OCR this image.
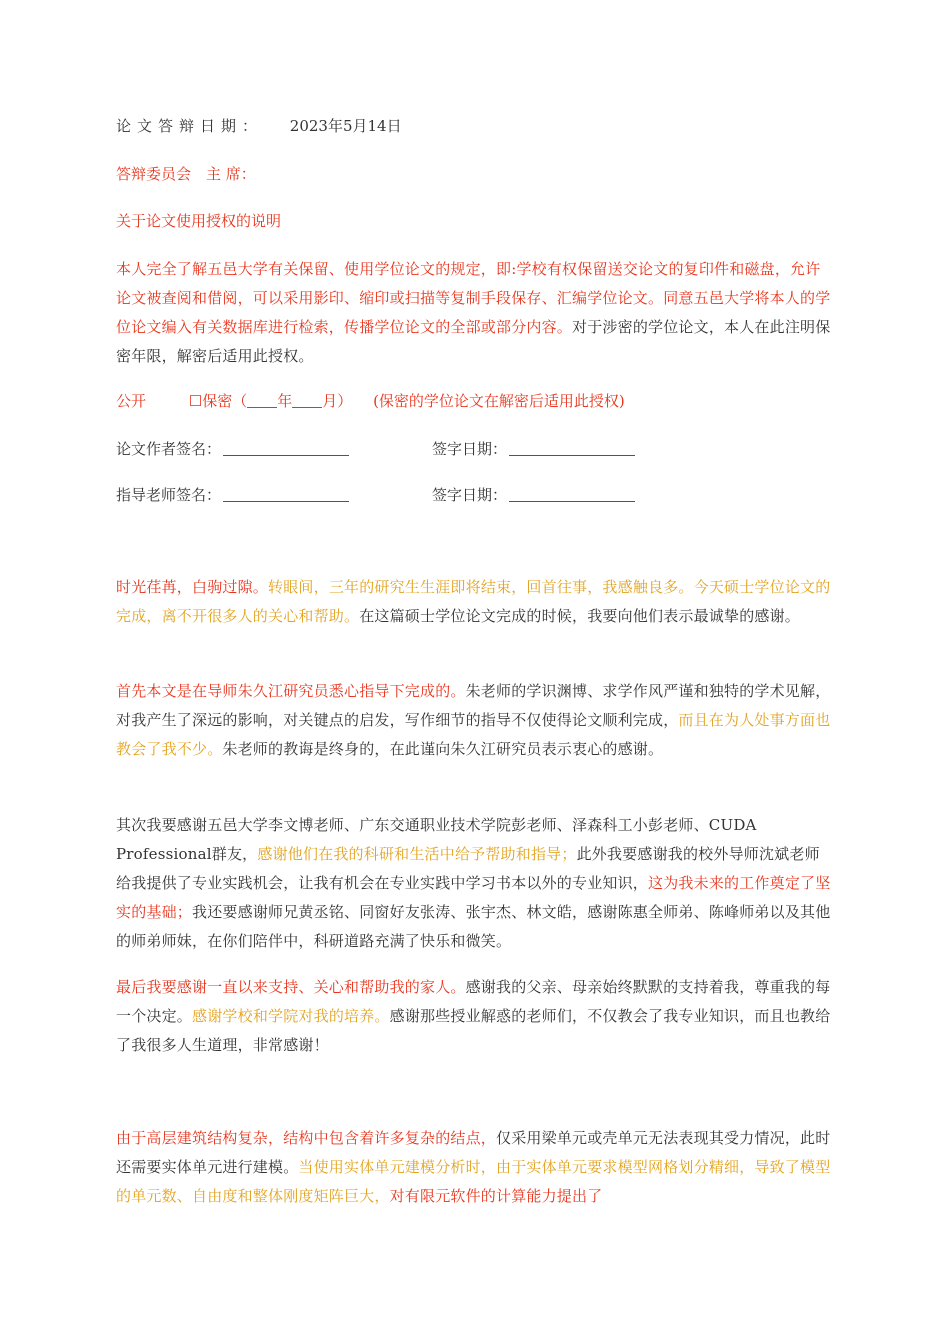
论文答辩日期： 2023年5月14日
答辩委员会　主 席：
关于论文使用授权的说明
本人完全了解五邑大学有关保留、使用学位论文的规定，即:学校有权保留送交论文的复印件和磁盘，允许论文被查阅和借阅，可以采用影印、缩印或扫描等复制手段保存、汇编学位论文。同意五邑大学将本人的学位论文编入有关数据库进行检索，传播学位论文的全部或部分内容。对于涉密的学位论文，本人在此注明保密年限，解密后适用此授权。
公开	☐保密（ 年 月） (保密的学位论文在解密后适用此授权)
论文作者签名：	签字日期：
指导老师签名：	签字日期：
时光荏苒，白驹过隙。转眼间，三年的研究生生涯即将结束，回首往事，我感触良多。今天硕士学位论文的完成，离不开很多人的关心和帮助。在这篇硕士学位论文完成的时候，我要向他们表示最诚挚的感谢。
首先本文是在导师朱久江研究员悉心指导下完成的。朱老师的学识渊博、求学作风严谨和独特的学术见解，对我产生了深远的影响，对关键点的启发，写作细节的指导不仅使得论文顺利完成，而且在为人处事方面也教会了我不少。朱老师的教诲是终身的，在此谨向朱久江研究员表示衷心的感谢。
其次我要感谢五邑大学李文博老师、广东交通职业技术学院彭老师、泽森科工小彭老师、CUDA Professional群友，感谢他们在我的科研和生活中给予帮助和指导；此外我要感谢我的校外导师沈斌老师给我提供了专业实践机会，让我有机会在专业实践中学习书本以外的专业知识，这为我未来的工作奠定了坚实的基础；我还要感谢师兄黄丞铭、同窗好友张涛、张宇杰、林文皓，感谢陈惠全师弟、陈峰师弟以及其他的师弟师妹，在你们陪伴中，科研道路充满了快乐和微笑。
最后我要感谢一直以来支持、关心和帮助我的家人。感谢我的父亲、母亲始终默默的支持着我，尊重我的每一个决定。感谢学校和学院对我的培养。感谢那些授业解惑的老师们，不仅教会了我专业知识，而且也教给了我很多人生道理，非常感谢！
由于高层建筑结构复杂，结构中包含着许多复杂的结点，仅采用梁单元或壳单元无法表现其受力情况，此时还需要实体单元进行建模。当使用实体单元建模分析时，由于实体单元要求模型网格划分精细，导致了模型的单元数、自由度和整体刚度矩阵巨大，对有限元软件的计算能力提出了
